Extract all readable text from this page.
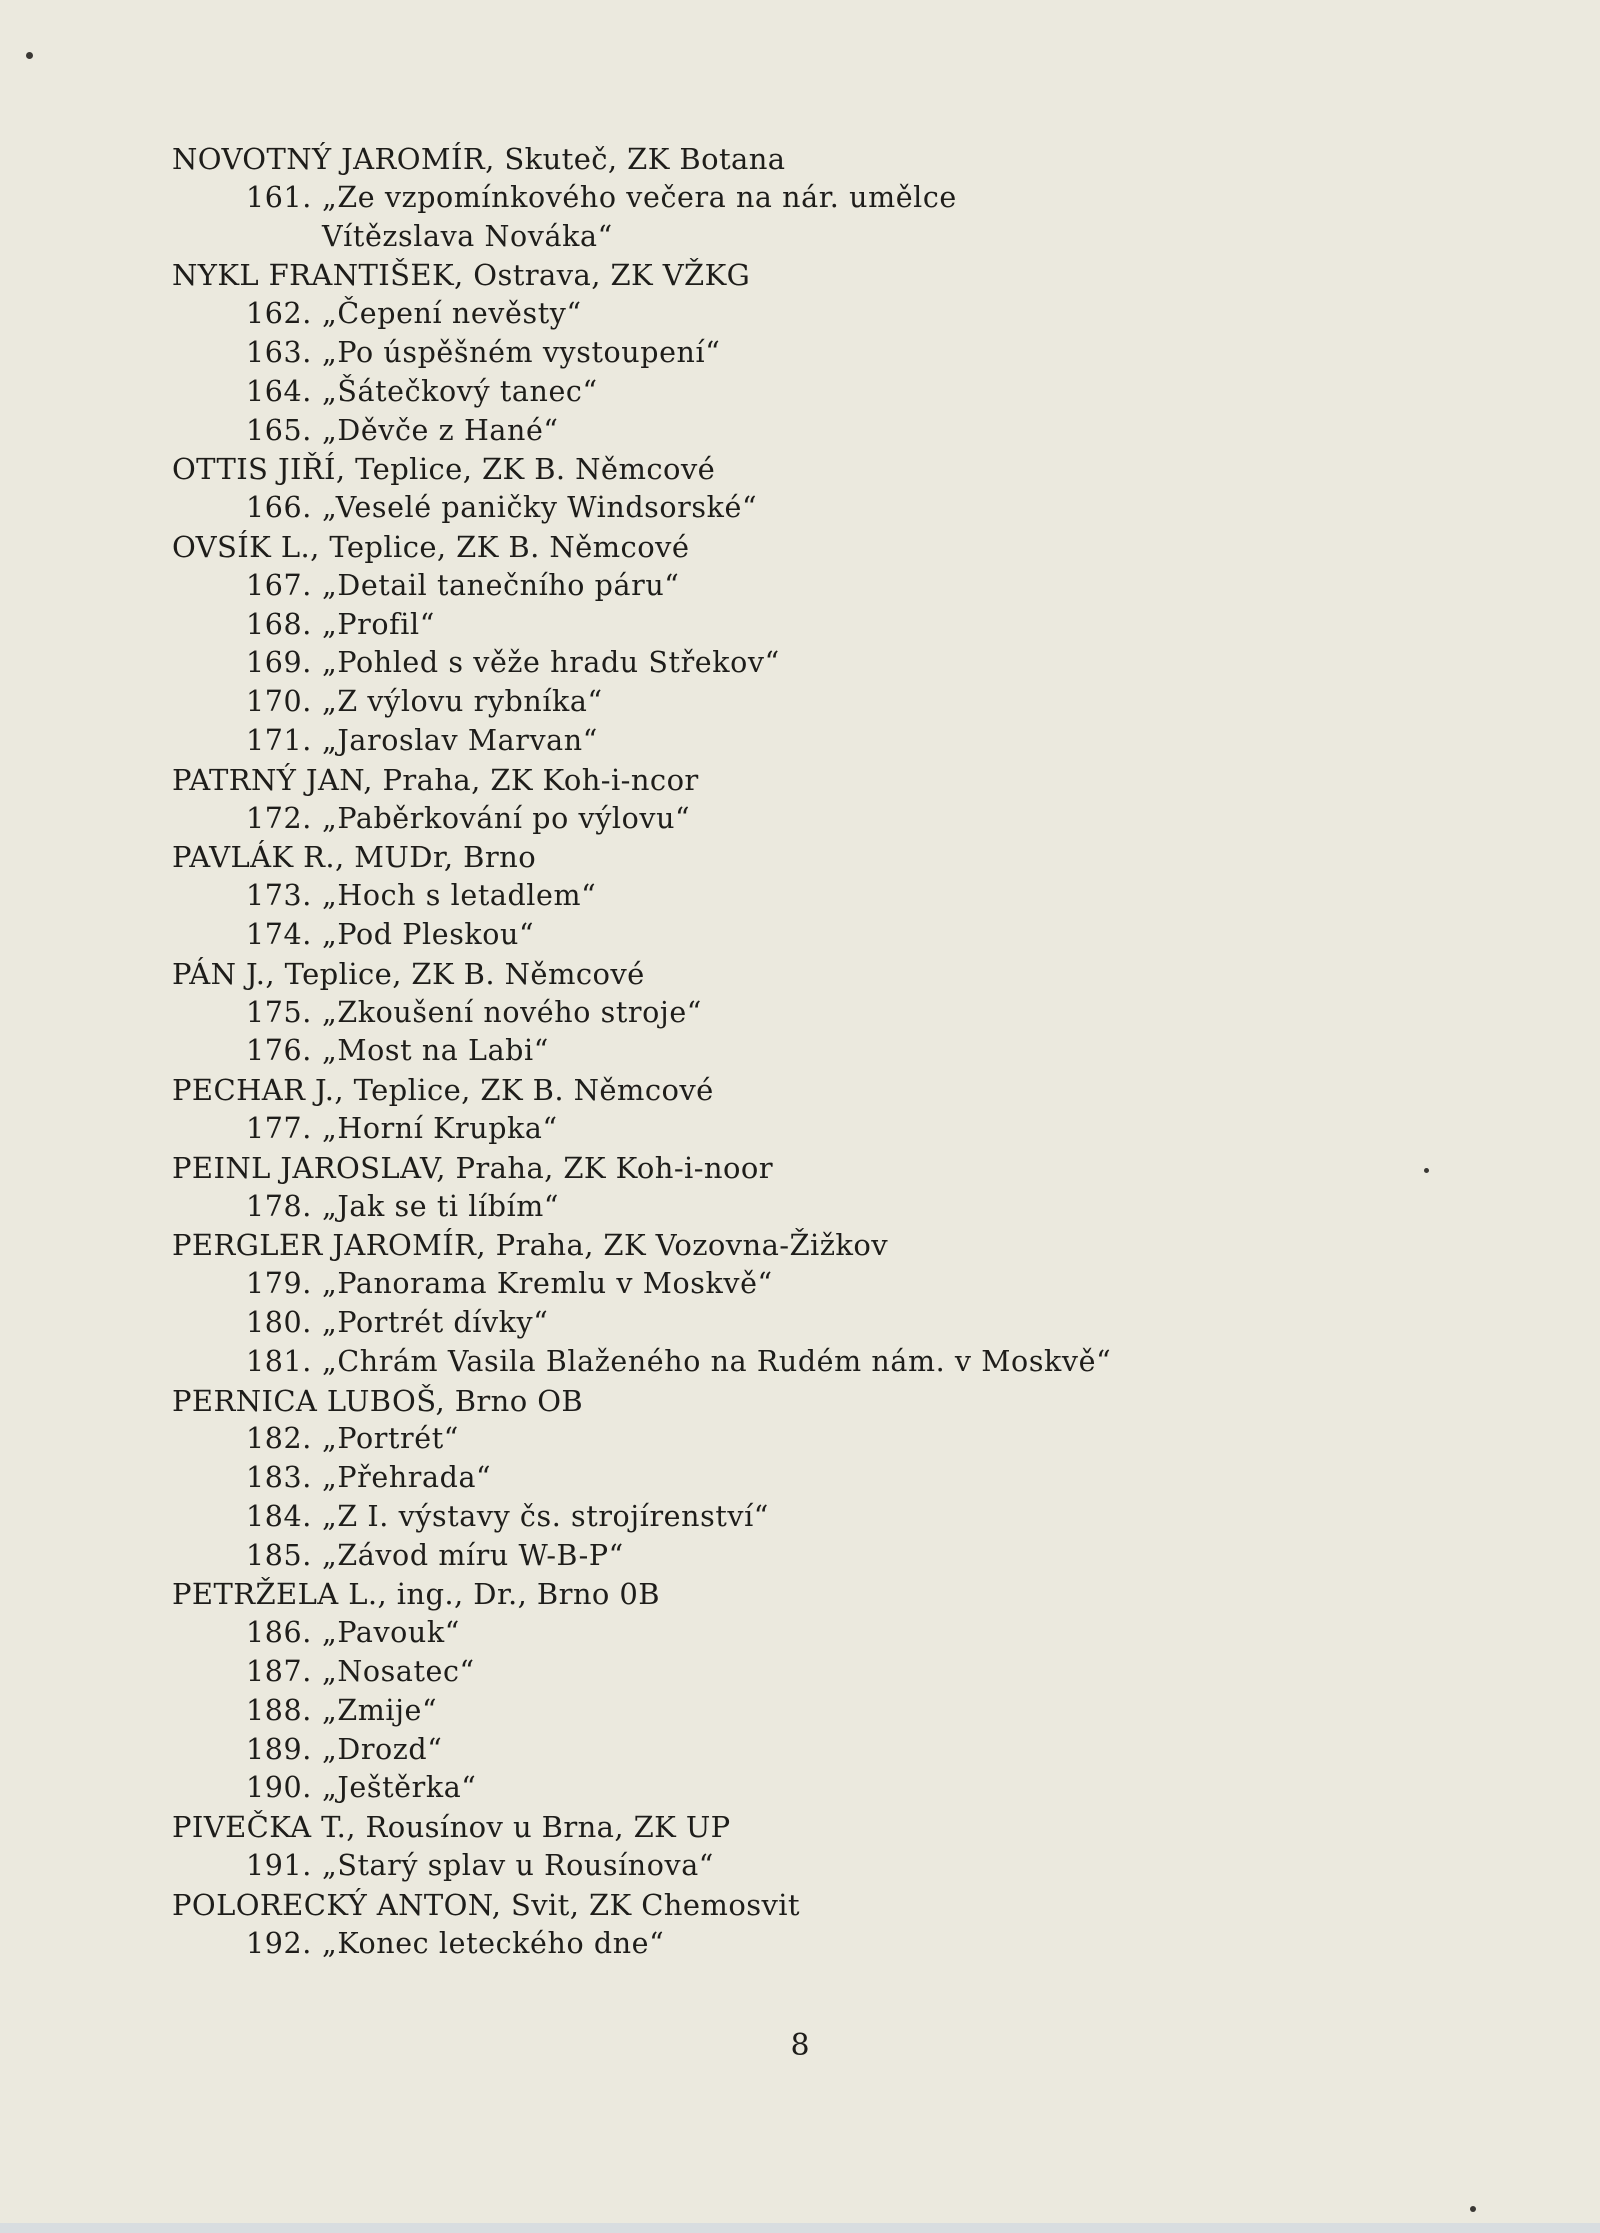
NOVOTNÝ JAROMÍR, Skuteč, ZK Botana
161. „Ze vzpomínkového večera na nár. umělce
Vítězslava Nováka“
NYKL FRANTIŠEK, Ostrava, ZK VŽKG
162. „Čepení nevěsty“
163. „Po úspěšném vystoupení“
164. „Šátečkový tanec“
165. „Děvče z Hané“
OTTIS JIŘÍ, Teplice, ZK B. Němcové
166. „Veselé paničky Windsorské“
OVSÍK L., Teplice, ZK B. Němcové
167. „Detail tanečního páru“
168. „Profil“
169. „Pohled s věže hradu Střekov“
170. „Z výlovu rybníka“
171. „Jaroslav Marvan“
PATRNÝ JAN, Praha, ZK Koh-i-ncor
172. „Paběrkování po výlovu“
PAVLÁK R., MUDr, Brno
173. „Hoch s letadlem“
174. „Pod Pleskou“
PÁN J., Teplice, ZK B. Němcové
175. „Zkoušení nového stroje“
176. „Most na Labi“
PECHAR J., Teplice, ZK B. Němcové
177. „Horní Krupka“
PEINL JAROSLAV, Praha, ZK Koh-i-noor
178. „Jak se ti líbím“
PERGLER JAROMÍR, Praha, ZK Vozovna-Žižkov
179. „Panorama Kremlu v Moskvě“
180. „Portrét dívky“
181. „Chrám Vasila Blaženého na Rudém nám. v Moskvě“
PERNICA LUBOŠ, Brno OB
182. „Portrét“
183. „Přehrada“
184. „Z I. výstavy čs. strojírenství“
185. „Závod míru W-B-P“
PETRŽELA L., ing., Dr., Brno 0B
186. „Pavouk“
187. „Nosatec“
188. „Zmije“
189. „Drozd“
190. „Ještěrka“
PIVEČKA T., Rousínov u Brna, ZK UP
191. „Starý splav u Rousínova“
POLORECKÝ ANTON, Svit, ZK Chemosvit
192. „Konec leteckého dne“
8
